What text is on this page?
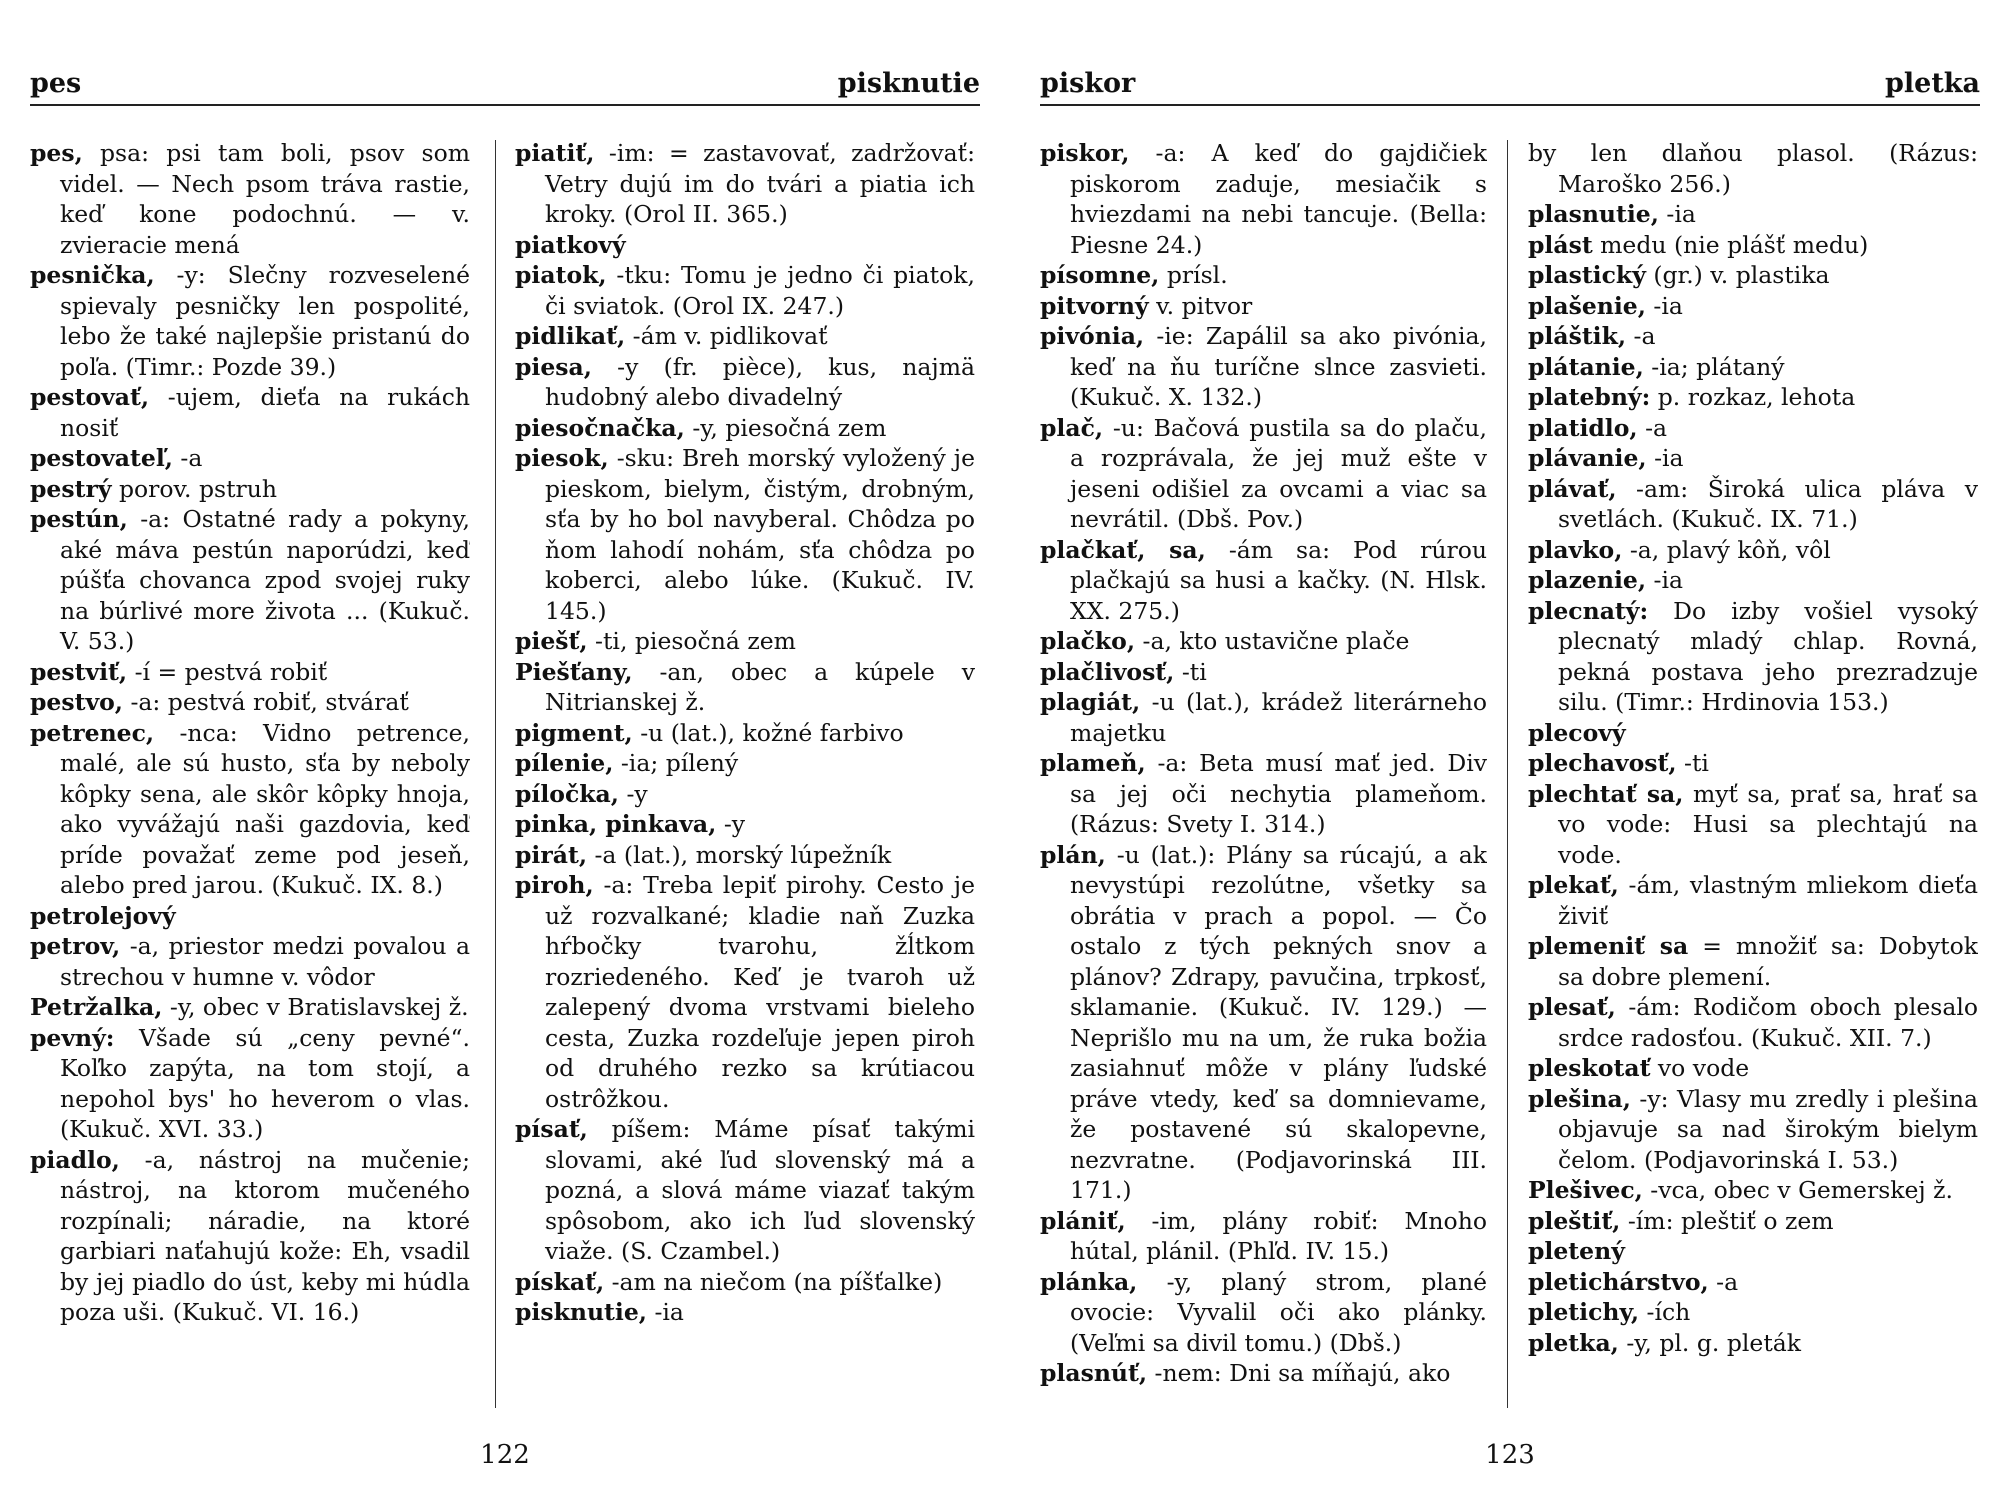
pes	pisknutie

pes, psa: psi tam boli, psov som videl. — Nech psom tráva rastie, keď kone podochnú. — v. zvieracie mená

pesnička, -y: Slečny rozveselené spievaly pesničky len pospolité, lebo že také najlepšie pristanú do poľa. (Timr.: Pozde 39.)

pestovať, -ujem, dieťa na rukách nosiť

pestovateľ, -a

pestrý porov. pstruh

pestún, -a: Ostatné rady a pokyny, aké máva pestún naporúdzi, keď púšťa chovanca zpod svojej ruky na búrlivé more života ... (Kukuč. V. 53.)

pestviť, -í = pestvá robiť

pestvo, -a: pestvá robiť, stvárať

petrenec, -nca: Vidno petrence, malé, ale sú husto, sťa by neboly kôpky sena, ale skôr kôpky hnoja, ako vyvážajú naši gazdovia, keď príde považať zeme pod jeseň, alebo pred jarou. (Kukuč. IX. 8.)

petrolejový

petrov, -a, priestor medzi povalou a strechou v humne v. vôdor

Petržalka, -y, obec v Bratislavskej ž.

pevný: Všade sú „ceny pevné“. Koľko zapýta, na tom stojí, a nepohol bys' ho heverom o vlas. (Kukuč. XVI. 33.)

piadlo, -a, nástroj na mučenie; nástroj, na ktorom mučeného rozpínali; náradie, na ktoré garbiari naťahujú kože: Eh, vsadil by jej piadlo do úst, keby mi húdla poza uši. (Kukuč. VI. 16.)

piatiť, -im: = zastavovať, zadržovať: Vetry dujú im do tvári a piatia ich kroky. (Orol II. 365.)

piatkový

piatok, -tku: Tomu je jedno či piatok, či sviatok. (Orol IX. 247.)

pidlikať, -ám v. pidlikovať

piesa, -y (fr. pièce), kus, najmä hudobný alebo divadelný

piesočnačka, -y, piesočná zem

piesok, -sku: Breh morský vyložený je pieskom, bielym, čistým, drobným, sťa by ho bol navyberal. Chôdza po ňom lahodí nohám, sťa chôdza po koberci, alebo lúke. (Kukuč. IV. 145.)

piešť, -ti, piesočná zem

Piešťany, -an, obec a kúpele v Nitrianskej ž.

pigment, -u (lat.), kožné farbivo

pílenie, -ia; pílený

píločka, -y

pinka, pinkava, -y

pirát, -a (lat.), morský lúpežník

piroh, -a: Treba lepiť pirohy. Cesto je už rozvalkané; kladie naň Zuzka hŕbočky tvarohu, žĺtkom rozriedeného. Keď je tvaroh už zalepený dvoma vrstvami bieleho cesta, Zuzka rozdeľuje jepen piroh od druhého rezko sa krútiacou ostrôžkou.

písať, píšem: Máme písať takými slovami, aké ľud slovenský má a pozná, a slová máme viazať takým spôsobom, ako ich ľud slovenský viaže. (S. Czambel.)

pískať, -am na niečom (na píšťalke)

pisknutie, -ia

122
piskor	pletka

piskor, -a: A keď do gajdičiek piskorom zaduje, mesiačik s hviezdami na nebi tancuje. (Bella: Piesne 24.)

písomne, prísl.

pitvorný v. pitvor

pivónia, -ie: Zapálil sa ako pivónia, keď na ňu turíčne slnce zasvieti. (Kukuč. X. 132.)

plač, -u: Bačová pustila sa do plaču, a rozprávala, že jej muž ešte v jeseni odišiel za ovcami a viac sa nevrátil. (Dbš. Pov.)

plačkať, sa, -ám sa: Pod rúrou plačkajú sa husi a kačky. (N. Hlsk. XX. 275.)

plačko, -a, kto ustavične plače

plačlivosť, -ti

plagiát, -u (lat.), krádež literárneho majetku

plameň, -a: Beta musí mať jed. Div sa jej oči nechytia plameňom. (Rázus: Svety I. 314.)

plán, -u (lat.): Plány sa rúcajú, a ak nevystúpi rezolútne, všetky sa obrátia v prach a popol. — Čo ostalo z tých pekných snov a plánov? Zdrapy, pavučina, trpkosť, sklamanie. (Kukuč. IV. 129.) — Neprišlo mu na um, že ruka božia zasiahnuť môže v plány ľudské práve vtedy, keď sa domnievame, že postavené sú skalopevne, nezvratne. (Podjavorinská III. 171.)

plániť, -im, plány robiť: Mnoho hútal, plánil. (Phľd. IV. 15.)

plánka, -y, planý strom, plané ovocie: Vyvalil oči ako plánky. (Veľmi sa divil tomu.) (Dbš.)

plasnúť, -nem: Dni sa míňajú, ako

by len dlaňou plasol. (Rázus: Maroško 256.)

plasnutie, -ia

plást medu (nie plášť medu)

plastický (gr.) v. plastika

plašenie, -ia

pláštik, -a

plátanie, -ia; plátaný

platebný: p. rozkaz, lehota

platidlo, -a

plávanie, -ia

plávať, -am: Široká ulica pláva v svetlách. (Kukuč. IX. 71.)

plavko, -a, plavý kôň, vôl

plazenie, -ia

plecnatý: Do izby vošiel vysoký plecnatý mladý chlap. Rovná, pekná postava jeho prezradzuje silu. (Timr.: Hrdinovia 153.)

plecový

plechavosť, -ti

plechtať sa, myť sa, prať sa, hrať sa vo vode: Husi sa plechtajú na vode.

plekať, -ám, vlastným mliekom dieťa živiť

plemeniť sa = množiť sa: Dobytok sa dobre plemení.

plesať, -ám: Rodičom oboch plesalo srdce radosťou. (Kukuč. XII. 7.)

pleskotať vo vode

plešina, -y: Vlasy mu zredly i plešina objavuje sa nad širokým bielym čelom. (Podjavorinská I. 53.)

Plešivec, -vca, obec v Gemerskej ž.

pleštiť, -ím: pleštiť o zem

pletený

pletichárstvo, -a

pletichy, -ích

pletka, -y, pl. g. pleták

123
